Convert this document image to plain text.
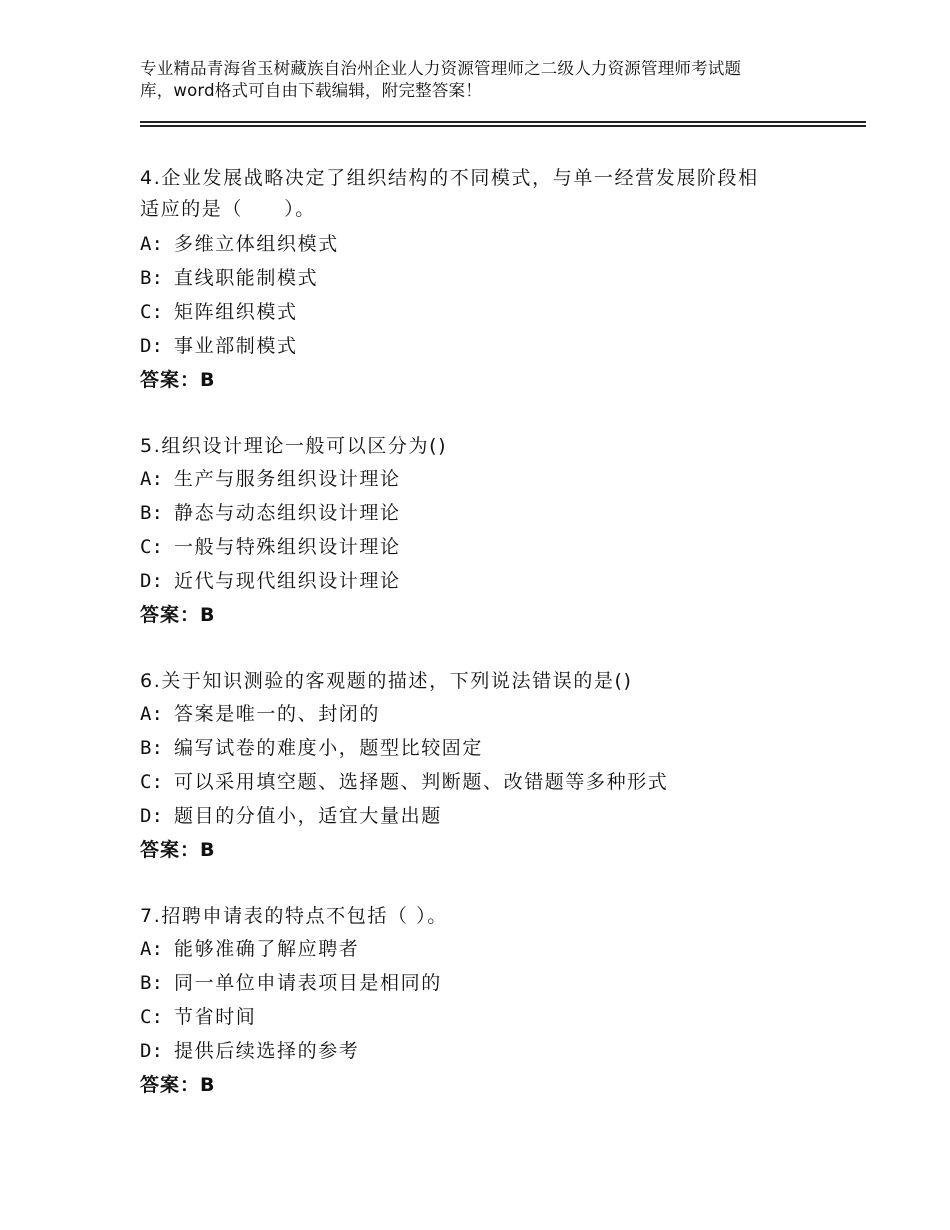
专业精品青海省玉树藏族自治州企业人力资源管理师之二级人力资源管理师考试题
库，word格式可自由下载编辑，附完整答案！
4.企业发展战略决定了组织结构的不同模式，与单一经营发展阶段相
适应的是（　　）。
A: 多维立体组织模式
B: 直线职能制模式
C: 矩阵组织模式
D: 事业部制模式
答案：B
5.组织设计理论一般可以区分为()
A: 生产与服务组织设计理论
B: 静态与动态组织设计理论
C: 一般与特殊组织设计理论
D: 近代与现代组织设计理论
答案：B
6.关于知识测验的客观题的描述，下列说法错误的是()
A: 答案是唯一的、封闭的
B: 编写试卷的难度小，题型比较固定
C: 可以采用填空题、选择题、判断题、改错题等多种形式
D: 题目的分值小，适宜大量出题
答案：B
7.招聘申请表的特点不包括（ ）。
A: 能够准确了解应聘者
B: 同一单位申请表项目是相同的
C: 节省时间
D: 提供后续选择的参考
答案：B
